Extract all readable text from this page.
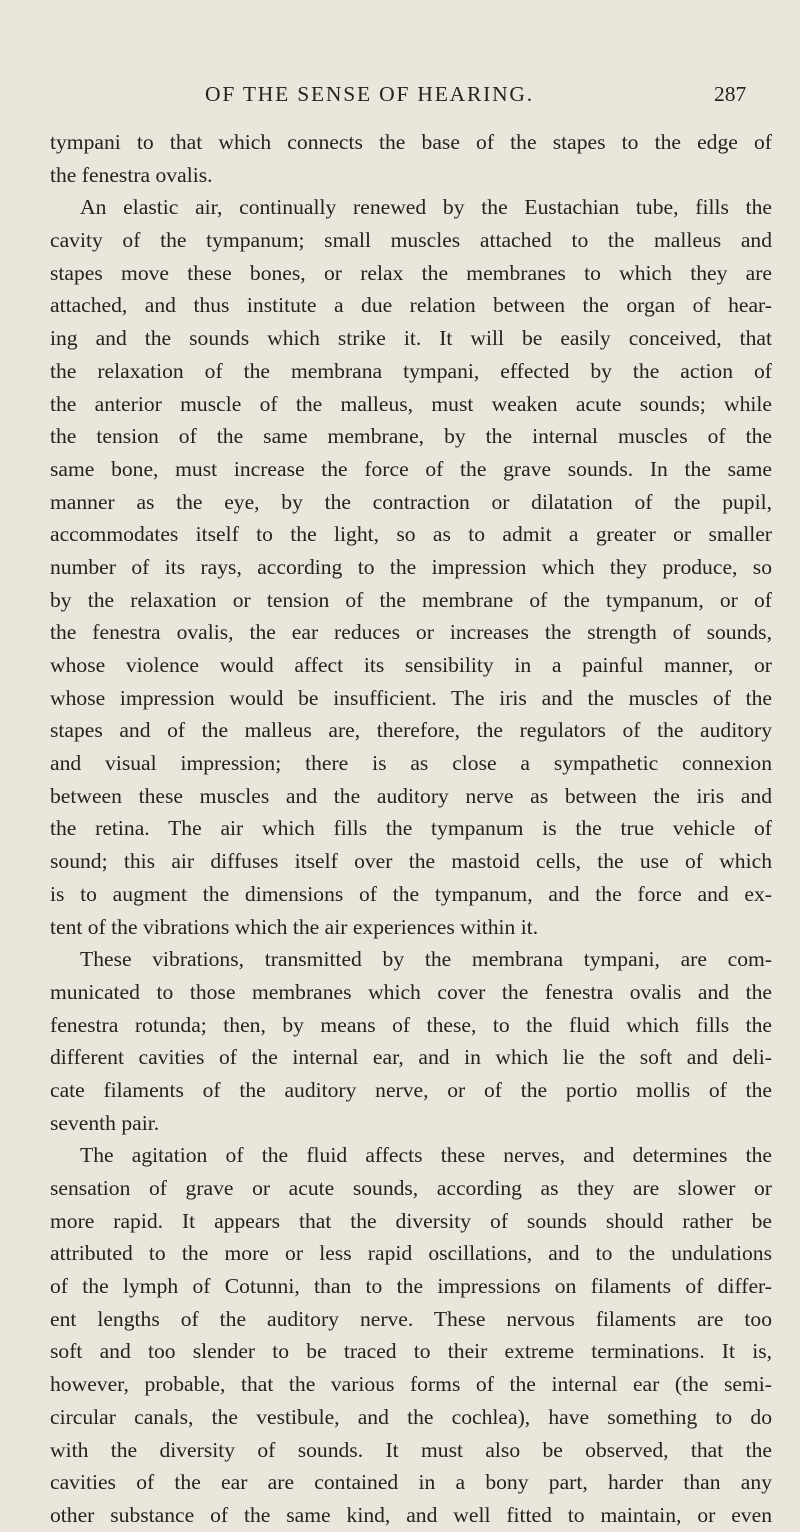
OF THE SENSE OF HEARING.	287
tympani to that which connects the base of the stapes to the edge of
the fenestra ovalis.
An elastic air, continually renewed by the Eustachian tube, fills the
cavity of the tympanum; small muscles attached to the malleus and
stapes move these bones, or relax the membranes to which they are
attached, and thus institute a due relation between the organ of hear-
ing and the sounds which strike it. It will be easily conceived, that
the relaxation of the membrana tympani, effected by the action of
the anterior muscle of the malleus, must weaken acute sounds; while
the tension of the same membrane, by the internal muscles of the
same bone, must increase the force of the grave sounds. In the same
manner as the eye, by the contraction or dilatation of the pupil,
accommodates itself to the light, so as to admit a greater or smaller
number of its rays, according to the impression which they produce, so
by the relaxation or tension of the membrane of the tympanum, or of
the fenestra ovalis, the ear reduces or increases the strength of sounds,
whose violence would affect its sensibility in a painful manner, or
whose impression would be insufficient. The iris and the muscles of the
stapes and of the malleus are, therefore, the regulators of the auditory
and visual impression; there is as close a sympathetic connexion
between these muscles and the auditory nerve as between the iris and
the retina. The air which fills the tympanum is the true vehicle of
sound; this air diffuses itself over the mastoid cells, the use of which
is to augment the dimensions of the tympanum, and the force and ex-
tent of the vibrations which the air experiences within it.
These vibrations, transmitted by the membrana tympani, are com-
municated to those membranes which cover the fenestra ovalis and the
fenestra rotunda; then, by means of these, to the fluid which fills the
different cavities of the internal ear, and in which lie the soft and deli-
cate filaments of the auditory nerve, or of the portio mollis of the
seventh pair.
The agitation of the fluid affects these nerves, and determines the
sensation of grave or acute sounds, according as they are slower or
more rapid. It appears that the diversity of sounds should rather be
attributed to the more or less rapid oscillations, and to the undulations
of the lymph of Cotunni, than to the impressions on filaments of differ-
ent lengths of the auditory nerve. These nervous filaments are too
soft and too slender to be traced to their extreme terminations. It is,
however, probable, that the various forms of the internal ear (the semi-
circular canals, the vestibule, and the cochlea), have something to do
with the diversity of sounds. It must also be observed, that the
cavities of the ear are contained in a bony part, harder than any
other substance of the same kind, and well fitted to maintain, or even
